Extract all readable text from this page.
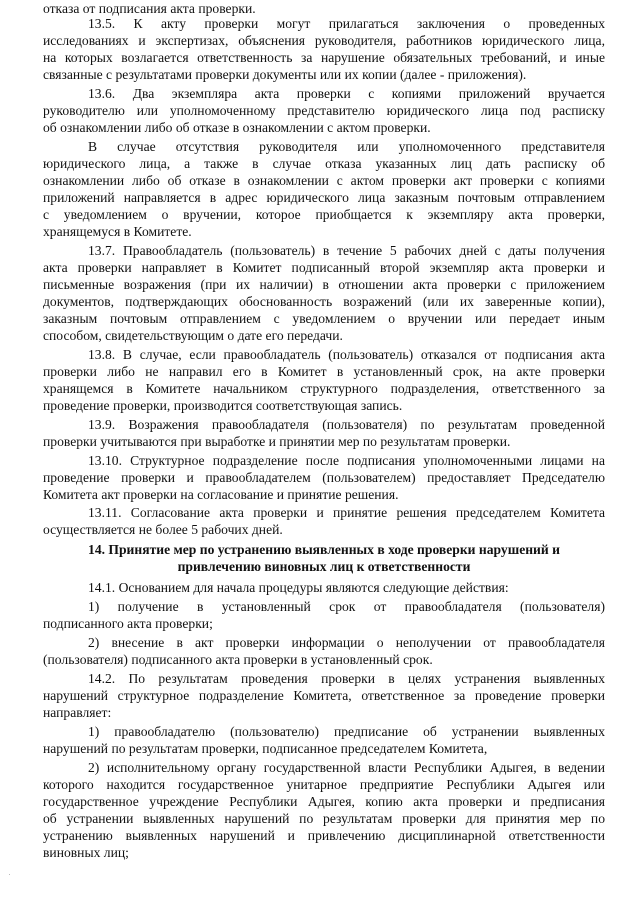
отказа от подписания акта проверки.
13.5. К акту проверки могут прилагаться заключения о проведенных
исследованиях и экспертизах, объяснения руководителя, работников юридического лица,
на которых возлагается ответственность за нарушение обязательных требований, и иные
связанные с результатами проверки документы или их копии (далее - приложения).
13.6. Два экземпляра акта проверки с копиями приложений вручается
руководителю или уполномоченному представителю юридического лица под расписку
об ознакомлении либо об отказе в ознакомлении с актом проверки.
В случае отсутствия руководителя или уполномоченного представителя
юридического лица, а также в случае отказа указанных лиц дать расписку об
ознакомлении либо об отказе в ознакомлении с актом проверки акт проверки с копиями
приложений направляется в адрес юридического лица заказным почтовым отправлением
с уведомлением о вручении, которое приобщается к экземпляру акта проверки,
хранящемуся в Комитете.
13.7. Правообладатель (пользователь) в течение 5 рабочих дней с даты получения
акта проверки направляет в Комитет подписанный второй экземпляр акта проверки и
письменные возражения (при их наличии) в отношении акта проверки с приложением
документов, подтверждающих обоснованность возражений (или их заверенные копии),
заказным почтовым отправлением с уведомлением о вручении или передает иным
способом, свидетельствующим о дате его передачи.
13.8. В случае, если правообладатель (пользователь) отказался от подписания акта
проверки либо не направил его в Комитет в установленный срок, на акте проверки
хранящемся в Комитете начальником структурного подразделения, ответственного за
проведение проверки, производится соответствующая запись.
13.9. Возражения правообладателя (пользователя) по результатам проведенной
проверки учитываются при выработке и принятии мер по результатам проверки.
13.10. Структурное подразделение после подписания уполномоченными лицами на
проведение проверки и правообладателем (пользователем) предоставляет Председателю
Комитета акт проверки на согласование и принятие решения.
13.11. Согласование акта проверки и принятие решения председателем Комитета
осуществляется не более 5 рабочих дней.
14. Принятие мер по устранению выявленных в ходе проверки нарушений и
привлечению виновных лиц к ответственности
14.1. Основанием для начала процедуры являются следующие действия:
1) получение в установленный срок от правообладателя (пользователя)
подписанного акта проверки;
2) внесение в акт проверки информации о неполучении от правообладателя
(пользователя) подписанного акта проверки в установленный срок.
14.2. По результатам проведения проверки в целях устранения выявленных
нарушений структурное подразделение Комитета, ответственное за проведение проверки
направляет:
1) правообладателю (пользователю) предписание об устранении выявленных
нарушений по результатам проверки, подписанное председателем Комитета,
2) исполнительному органу государственной власти Республики Адыгея, в ведении
которого находится государственное унитарное предприятие Республики Адыгея или
государственное учреждение Республики Адыгея, копию акта проверки и предписания
об устранении выявленных нарушений по результатам проверки для принятия мер по
устранению выявленных нарушений и привлечению дисциплинарной ответственности
виновных лиц;
